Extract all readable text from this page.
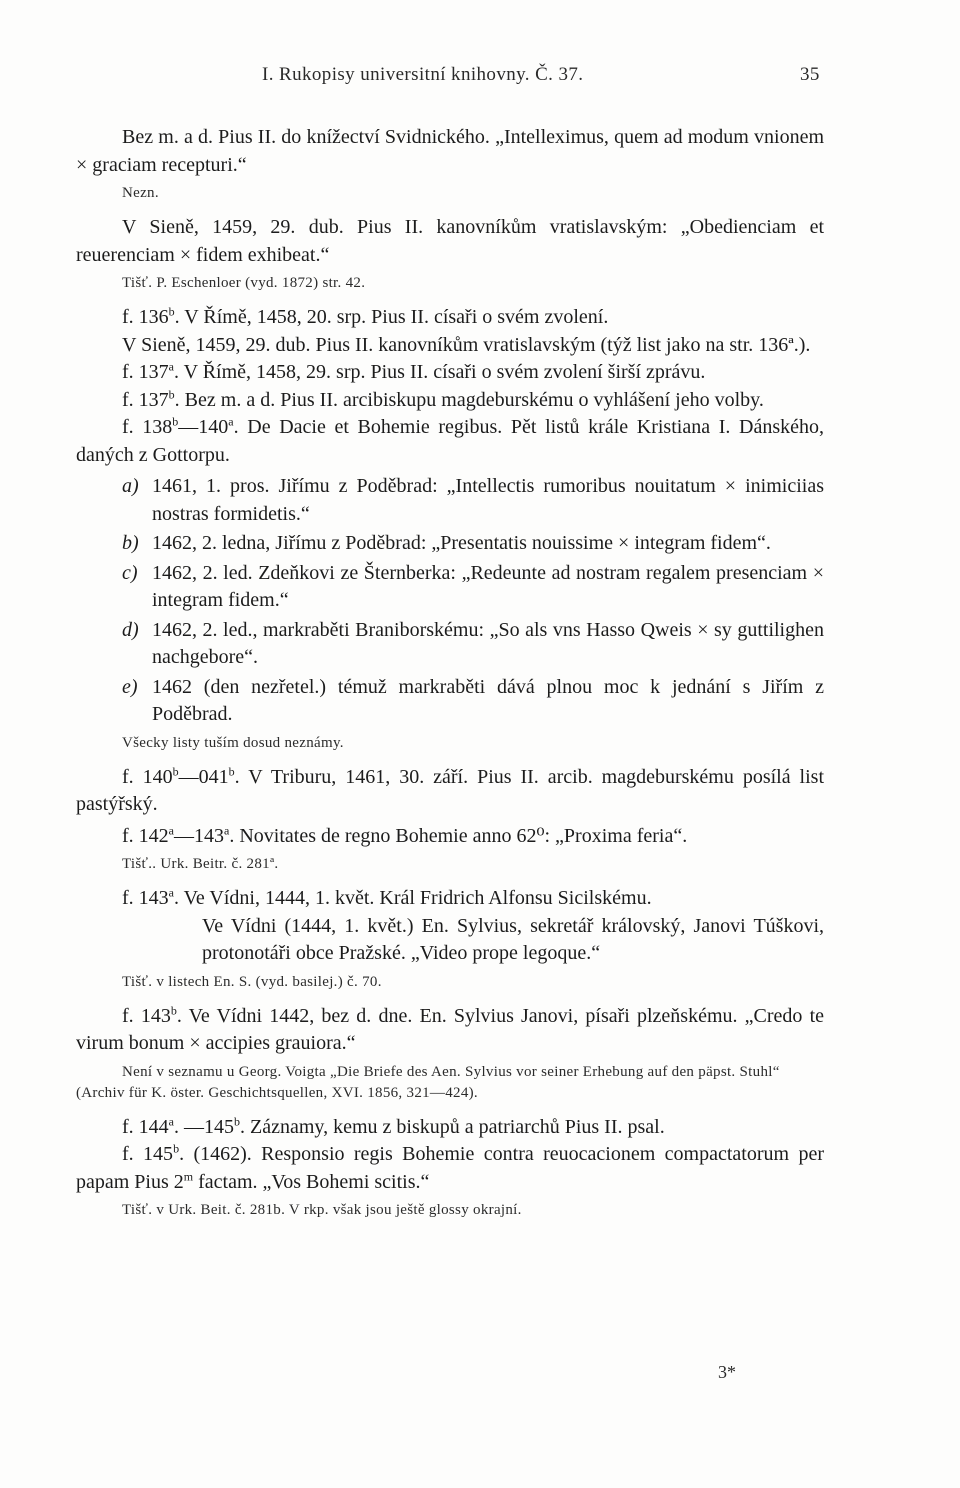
I. Rukopisy universitní knihovny. Č. 37.	35

Bez m. a d. Pius II. do knížectví Svidnického. „Intelleximus, quem ad modum vnionem × graciam recepturi.“

Nezn.

V Sieně, 1459, 29. dub. Pius II. kanovníkům vratislavským: „Obedienciam et reuerenciam × fidem exhibeat.“

Tišť. P. Eschenloer (vyd. 1872) str. 42.

f. 136$^b$. V Římě, 1458, 20. srp. Pius II. císaři o svém zvolení.

V Sieně, 1459, 29. dub. Pius II. kanovníkům vratislavským (týž list jako na str. 136ª.).

f. 137$^a$. V Římě, 1458, 29. srp. Pius II. císaři o svém zvolení širší zprávu.

f. 137$^b$. Bez m. a d. Pius II. arcibiskupu magdeburskému o vyhlášení jeho volby.

f. 138$^b$—140$^a$. De Dacie et Bohemie regibus. Pět listů krále Kristiana I. Dánského, daných z Gottorpu.

a) 1461, 1. pros. Jiřímu z Poděbrad: „Intellectis rumoribus nouitatum × inimiciias nostras formidetis.“
b) 1462, 2. ledna, Jiřímu z Poděbrad: „Presentatis nouissime × integram fidem“.
c) 1462, 2. led. Zdeňkovi ze Šternberka: „Redeunte ad nostram regalem presenciam × integram fidem.“
d) 1462, 2. led., markraběti Braniborskému: „So als vns Hasso Qweis × sy guttilighen nachgebore“.
e) 1462 (den nezřetel.) témuž markraběti dává plnou moc k jednání s Jiřím z Poděbrad.

Všecky listy tuším dosud neznámy.

f. 140$^b$—041$^b$. V Triburu, 1461, 30. září. Pius II. arcib. magdeburskému posílá list pastýřský.

f. 142$^a$—143$^a$. Novitates de regno Bohemie anno 62⁰: „Proxima feria“.

Tišť.. Urk. Beitr. č. 281ª.

f. 143$^a$. Ve Vídni, 1444, 1. květ. Král Fridrich Alfonsu Sicilskému.

Ve Vídni (1444, 1. květ.) En. Sylvius, sekretář královský, Janovi Túškovi, protonotáři obce Pražské. „Video prope legoque.“

Tišť. v listech En. S. (vyd. basilej.) č. 70.

f. 143$^b$. Ve Vídni 1442, bez d. dne. En. Sylvius Janovi, písaři plzeňskému. „Credo te virum bonum × accipies grauiora.“

Není v seznamu u Georg. Voigta „Die Briefe des Aen. Sylvius vor seiner Erhebung auf den päpst. Stuhl“ (Archiv für K. öster. Geschichtsquellen, XVI. 1856, 321—424).

f. 144$^a$. —145$^b$. Záznamy, kemu z biskupů a patriarchů Pius II. psal.

f. 145$^b$. (1462). Responsio regis Bohemie contra reuocacionem compactatorum per papam Pius 2$^m$ factam. „Vos Bohemi scitis.“

Tišť. v Urk. Beit. č. 281b. V rkp. však jsou ještě glossy okrajní.

3*
